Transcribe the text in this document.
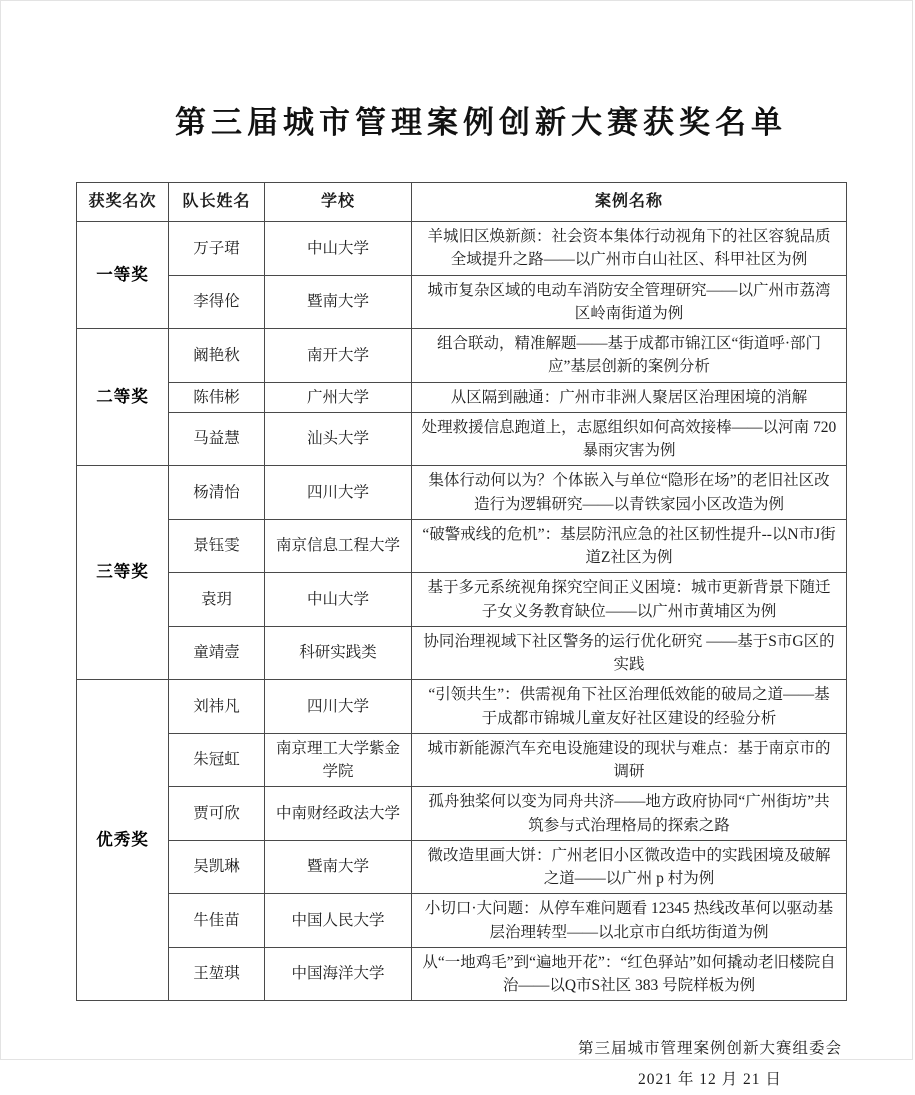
第三届城市管理案例创新大赛获奖名单
获奖名次	队长姓名	学校	案例名称
一等奖	万子珺	中山大学	羊城旧区焕新颜：社会资本集体行动视角下的社区容貌品质全域提升之路——以广州市白山社区、科甲社区为例
	李得伦	暨南大学	城市复杂区域的电动车消防安全管理研究——以广州市荔湾区岭南街道为例
二等奖	阚艳秋	南开大学	组合联动，精准解题——基于成都市锦江区“街道呼·部门应”基层创新的案例分析
	陈伟彬	广州大学	从区隔到融通：广州市非洲人聚居区治理困境的消解
	马益慧	汕头大学	处理救援信息跑道上，志愿组织如何高效接棒——以河南 720 暴雨灾害为例
三等奖	杨清怡	四川大学	集体行动何以为？个体嵌入与单位“隐形在场”的老旧社区改造行为逻辑研究——以青铁家园小区改造为例
	景钰雯	南京信息工程大学	“破警戒线的危机”：基层防汛应急的社区韧性提升--以N市J街道Z社区为例
	袁玥	中山大学	基于多元系统视角探究空间正义困境：城市更新背景下随迁子女义务教育缺位——以广州市黄埔区为例
	童靖壹	科研实践类	协同治理视域下社区警务的运行优化研究 ——基于S市G区的实践
优秀奖	刘祎凡	四川大学	“引领共生”：供需视角下社区治理低效能的破局之道——基于成都市锦城儿童友好社区建设的经验分析
	朱冠虹	南京理工大学紫金学院	城市新能源汽车充电设施建设的现状与难点：基于南京市的调研
	贾可欣	中南财经政法大学	孤舟独桨何以变为同舟共济——地方政府协同“广州街坊”共筑参与式治理格局的探索之路
	吴凯琳	暨南大学	微改造里画大饼：广州老旧小区微改造中的实践困境及破解之道——以广州 p 村为例
	牛佳苗	中国人民大学	小切口·大问题：从停车难问题看 12345 热线改革何以驱动基层治理转型——以北京市白纸坊街道为例
	王堃琪	中国海洋大学	从“一地鸡毛”到“遍地开花”：“红色驿站”如何撬动老旧楼院自治——以Q市S社区 383 号院样板为例
第三届城市管理案例创新大赛组委会
2021 年 12 月 21 日
